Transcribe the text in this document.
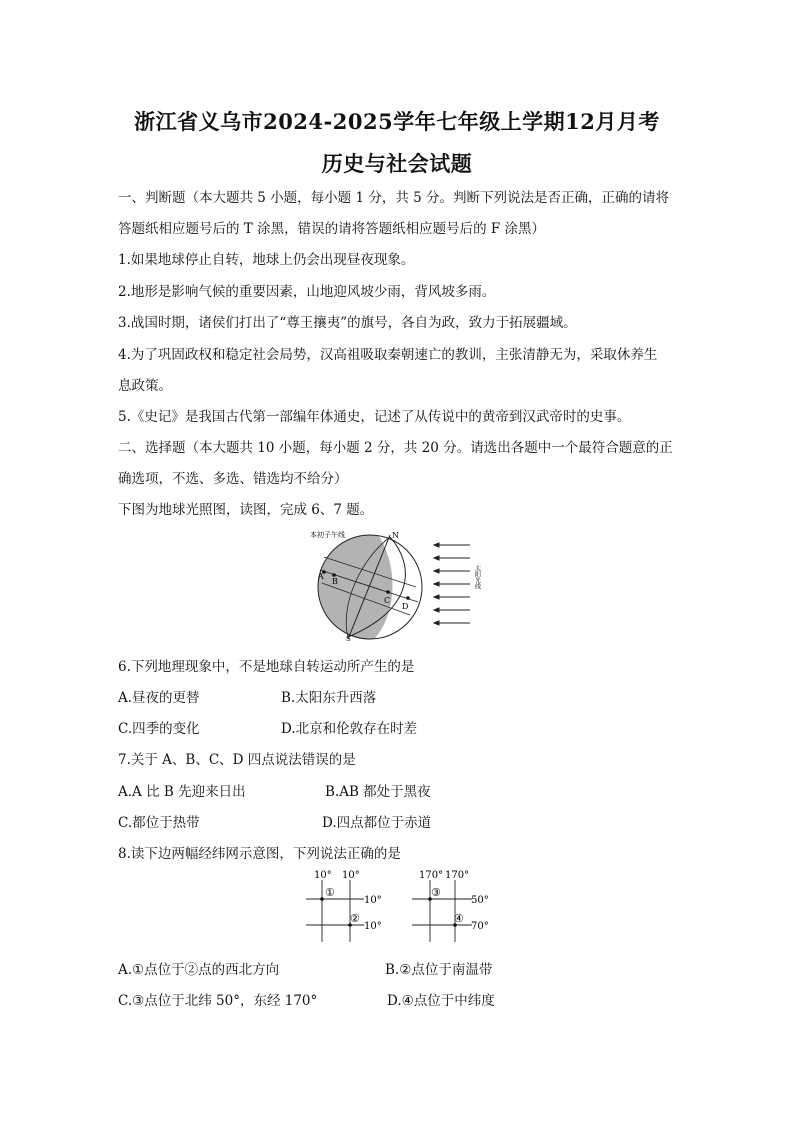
浙江省义乌市2024-2025学年七年级上学期12月月考
历史与社会试题
一、判断题（本大题共 5 小题，每小题 1 分，共 5 分。判断下列说法是否正确，正确的请将
答题纸相应题号后的 T 涂黑，错误的请将答题纸相应题号后的 F 涂黑）
1.如果地球停止自转，地球上仍会出现昼夜现象。
2.地形是影响气候的重要因素，山地迎风坡少雨，背风坡多雨。
3.战国时期，诸侯们打出了“尊王攘夷”的旗号，各自为政，致力于拓展疆域。
4.为了巩固政权和稳定社会局势，汉高祖吸取秦朝速亡的教训，主张清静无为，采取休养生
息政策。
5.《史记》是我国古代第一部编年体通史，记述了从传说中的黄帝到汉武帝时的史事。
二、选择题（本大题共 10 小题，每小题 2 分，共 20 分。请选出各题中一个最符合题意的正
确选项，不选、多选、错选均不给分）
下图为地球光照图，读图，完成 6、7 题。
本初子午线	N
S
A
B
C
D
太阳光线
6.下列地理现象中，不是地球自转运动所产生的是
A.昼夜的更替	B.太阳东升西落
C.四季的变化	D.北京和伦敦存在时差
7.关于 A、B、C、D 四点说法错误的是
A.A 比 B 先迎来日出	B.AB 都处于黑夜
C.都位于热带	D.四点都位于赤道
8.读下边两幅经纬网示意图，下列说法正确的是
10° 10°
10°
10°
①
②
170° 170°
50°
70°
③
④
A.①点位于②点的西北方向	B.②点位于南温带
C.③点位于北纬 50°，东经 170°	D.④点位于中纬度
